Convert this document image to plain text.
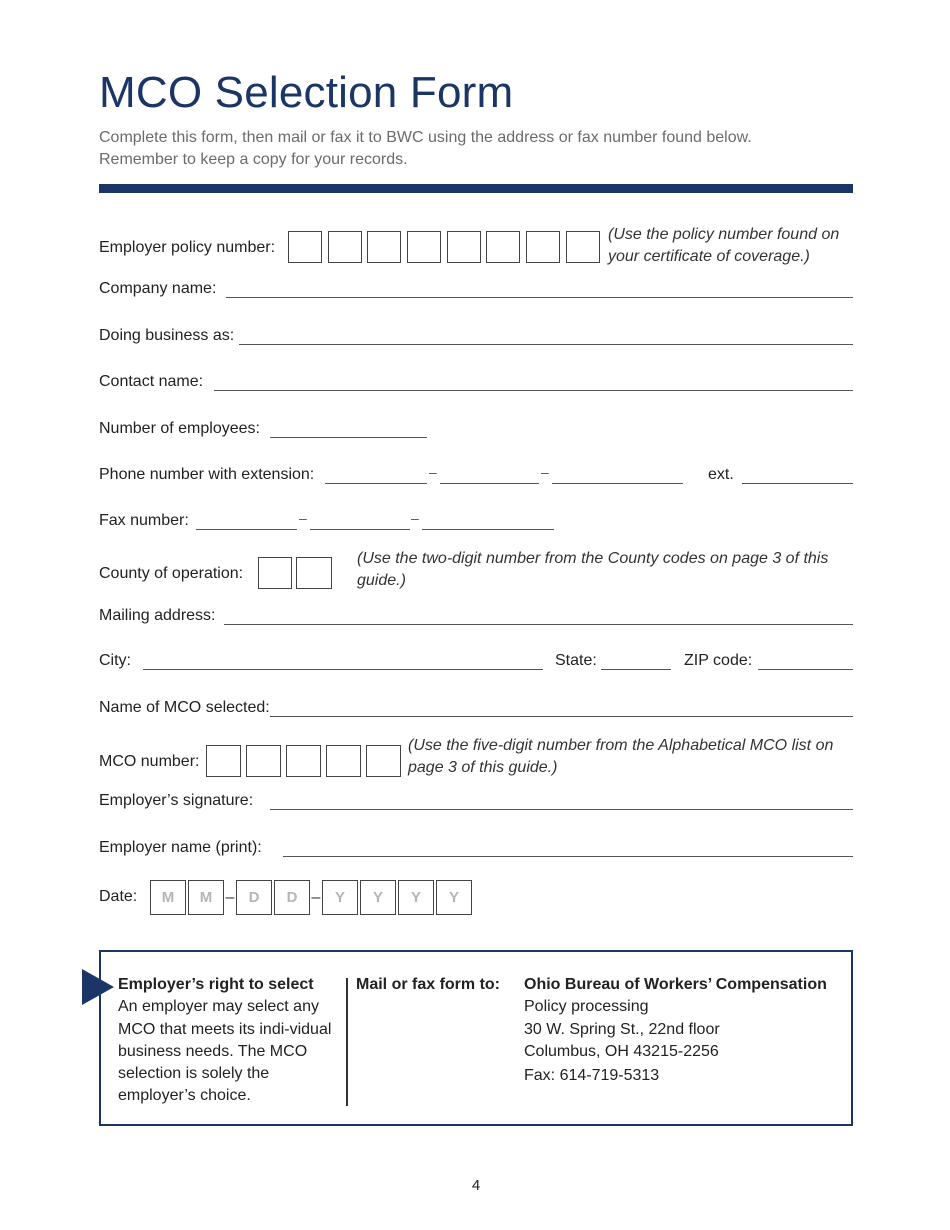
MCO Selection Form
Complete this form, then mail or fax it to BWC using the address or fax number found below.
Remember to keep a copy for your records.
Employer policy number:
(Use the policy number found on your certificate of coverage.)
Company name:
Doing business as:
Contact name:
Number of employees:
Phone number with extension:	–	–	ext.
Fax number:	–	–
County of operation:
(Use the two-digit number from the County codes on page 3 of this guide.)
Mailing address:
City:	State:	ZIP code:
Name of MCO selected:
MCO number:
(Use the five-digit number from the Alphabetical MCO list on page 3 of this guide.)
Employer’s signature:
Employer name (print):
Date:	M	M – D	D – Y	Y	Y	Y
Employer’s right to select
An employer may select any MCO that meets its indi-vidual business needs. The MCO selection is solely the employer’s choice.
Mail or fax form to: Ohio Bureau of Workers’ Compensation
Policy processing
30 W. Spring St., 22nd floor
Columbus, OH 43215-2256
Fax: 614-719-5313
4
